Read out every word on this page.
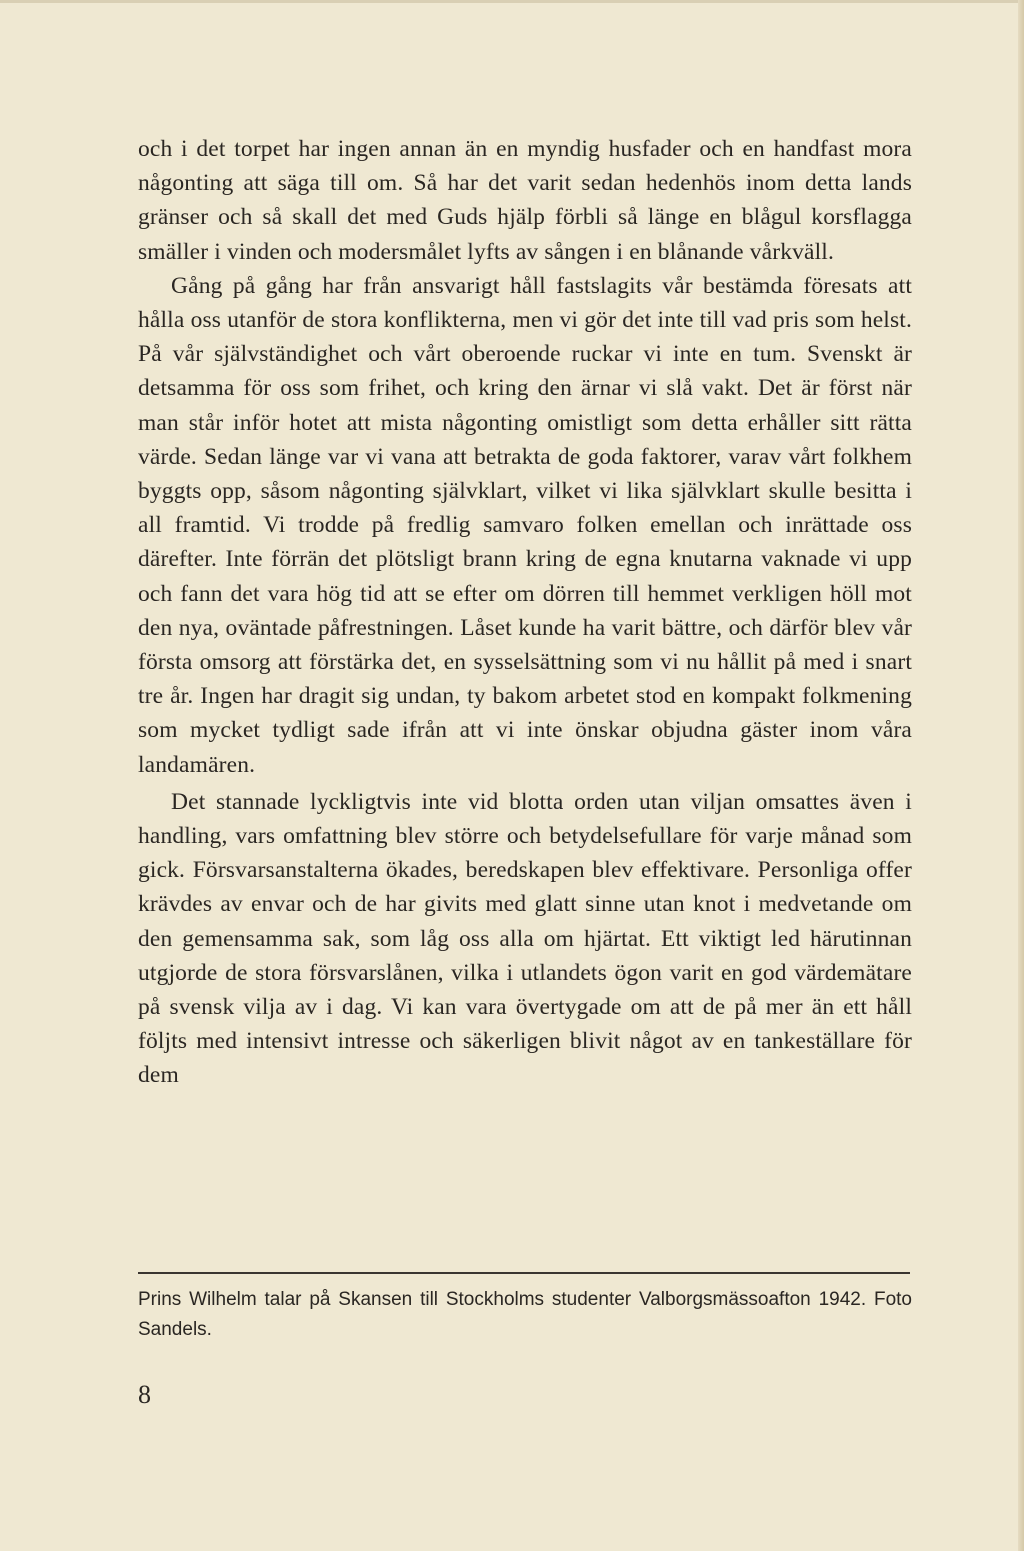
och i det torpet har ingen annan än en myndig husfader och en handfast mora någonting att säga till om. Så har det varit sedan hedenhös inom detta lands gränser och så skall det med Guds hjälp förbli så länge en blågul korsflagga smäller i vinden och modersmålet lyfts av sången i en blånande vårkväll.

Gång på gång har från ansvarigt håll fastslagits vår bestämda föresats att hålla oss utanför de stora konflikterna, men vi gör det inte till vad pris som helst. På vår självständighet och vårt oberoende ruckar vi inte en tum. Svenskt är detsamma för oss som frihet, och kring den ärnar vi slå vakt. Det är först när man står inför hotet att mista någonting omistligt som detta erhåller sitt rätta värde. Sedan länge var vi vana att betrakta de goda faktorer, varav vårt folkhem byggts opp, såsom någonting självklart, vilket vi lika självklart skulle besitta i all framtid. Vi trodde på fredlig samvaro folken emellan och inrättade oss därefter. Inte förrän det plötsligt brann kring de egna knutarna vaknade vi upp och fann det vara hög tid att se efter om dörren till hemmet verkligen höll mot den nya, oväntade påfrestningen. Låset kunde ha varit bättre, och därför blev vår första omsorg att förstärka det, en sysselsättning som vi nu hållit på med i snart tre år. Ingen har dragit sig undan, ty bakom arbetet stod en kompakt folkmening som mycket tydligt sade ifrån att vi inte önskar objudna gäster inom våra landamären.

Det stannade lyckligtvis inte vid blotta orden utan viljan omsattes även i handling, vars omfattning blev större och betydelsefullare för varje månad som gick. Försvarsanstalterna ökades, beredskapen blev effektivare. Personliga offer krävdes av envar och de har givits med glatt sinne utan knot i medvetande om den gemensamma sak, som låg oss alla om hjärtat. Ett viktigt led härutinnan utgjorde de stora försvarslånen, vilka i utlandets ögon varit en god värdemätare på svensk vilja av i dag. Vi kan vara övertygade om att de på mer än ett håll följts med intensivt intresse och säkerligen blivit något av en tankeställare för dem

Prins Wilhelm talar på Skansen till Stockholms studenter Valborgsmässoafton 1942. Foto Sandels.

8
